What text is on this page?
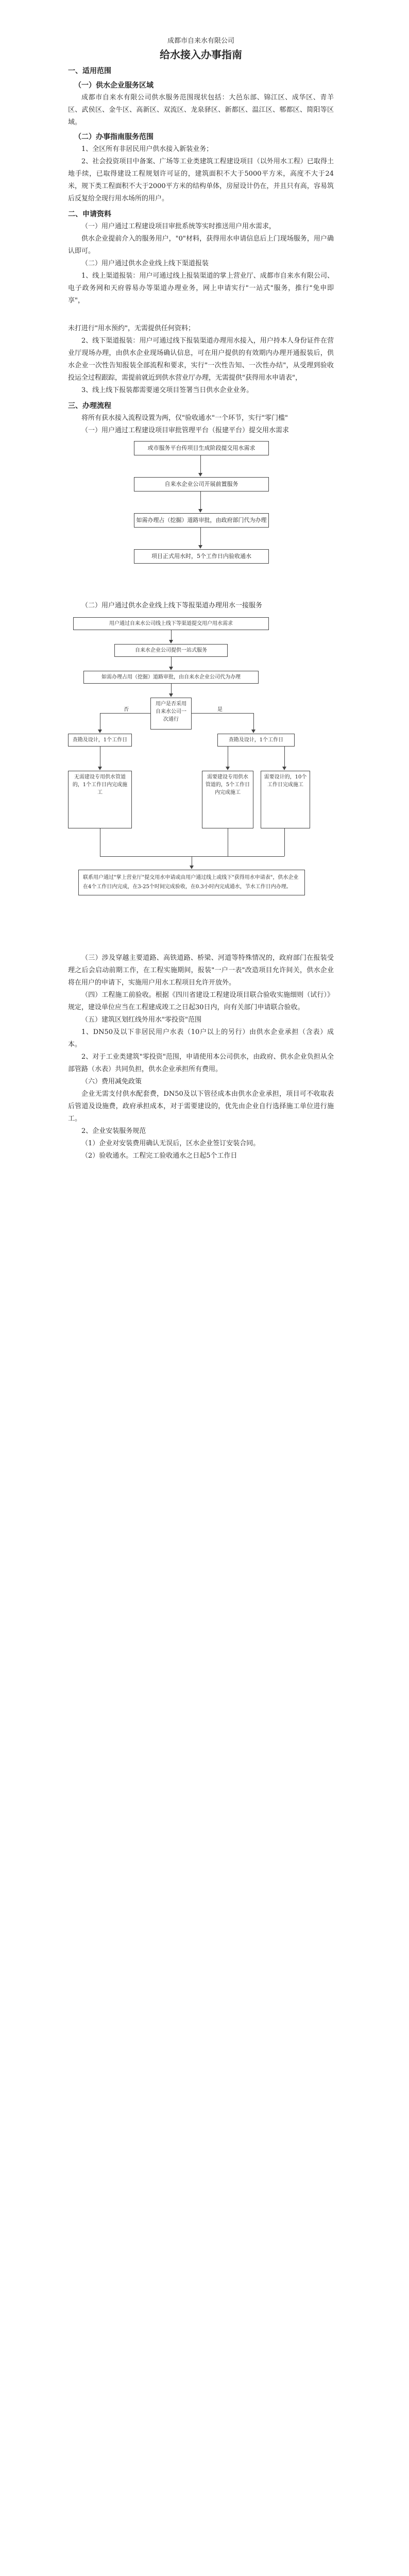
成都市自来水有限公司

给水接入办事指南

一、适用范围
（一）供水企业服务区域

成都市自来水有限公司供水服务范围现状包括：大邑东部、锦江区、成华区、青羊区、武侯区、金牛区、高新区、双流区、龙泉驿区、新都区、温江区、郫都区、简阳等区域。

（二）办事指南服务范围

1、全区所有非居民用户供水接入新装业务；

2、社会投资项目中备案、广场等工业类建筑工程建设项目（以外用水工程）已取得土地手续，已取得建设工程规划许可证的，建筑面积不大于5000平方米，高度不大于24米，规下类工程面积不大于2000平方米的结构单体，房屋设计仍在，并且只有高，容易筑后反复给全现行用水场所的用户。

二、申请资料

（一）用户通过工程建设项目审批系统等实时推送用户用水需求，

供水企业提前介入的服务用户，"0"材料，获得用水申请信息后上门现场服务，用户确认即可。

（二）用户通过供水企业线上线下渠道报装

1、线上渠道报装：用户可通过线上报装渠道的掌上营业厅、成都市自来水有限公司、电子政务网和天府蓉易办等渠道办理业务，网上申请实行"一站式"服务，推行"免申即享"，

未打进行"用水预约"，无需提供任何资料；

2、线下渠道报装：用户可通过线下报装渠道办理用水接入，用户持本人身份证件在营业厅现场办理，由供水企业现场确认信息，可在用户提供的有效期内办理开通报装后，供水企业一次性告知报装全部流程和要求，实行"一次性告知、一次性办结"，从受理到验收投运全过程跟踪，需提前就近到供水营业厅办理，无需提供"获得用水申请表"，

3、线上线下报装都需要递交项目签署当日供水企业业务。

三、办理流程

将所有获水接入流程设置为两，仅"验收通水"一个环节，实行"零门槛"

（一）用户通过工程建设项目审批管理平台（报建平台）提交用水需求

或市服务平台传项目生成阶段提交用水需求
自来水企业公司开展前置服务
如需办理占（挖掘）道路审批，由政府部门代为办理
项目正式用水时，5个工作日内验收通水

（二）用户通过供水企业线上线下等报渠道办理用水一接服务

用户通过自来水公司线上线下等渠道提交用户用水需求
自来水企业公司提供一站式服务
如需办理占用（挖掘）道路审批，由自来水企业公司代为办理
用户是否采用自来水公司一次通行
否	是
查勘及设计，1个工作日	查勘及设计，1个工作日
无需建设专用供水管道的，1个工作日内完成施工
需要建设专用供水管道的，5个工作日内完成施工
需要设计的，10个工作日完成施工
联系用户通过"掌上营业厅"提交用水申请或由用户通过线上或线下"获得用水申请表"，供水企业在4个工作日内完成，在3-25个时间完成验收，在0.3小时内完成通水，节水工作日内办理。

（三）涉及穿越主要道路、高铁道路、桥梁、河道等特殊情况的，政府部门在报装受理之后会启动前期工作，在工程实施期间，报装"一户一表"改造项目允许间关，供水企业将在用户的申请下，实施用户用水工程项目允许开放外。

（四）工程施工前验收。根据《四川省建设工程建设项目联合验收实施细则（试行）》规定，建设单位应当在工程建成竣工之日起30日内，向有关部门申请联合验收。

（五）建筑区划红线外用水"零投资"范围

1、DN50及以下非居民用户水表（10户以上的另行）由供水企业承担（含表）成本。

2、对于工业类建筑"零投资"范围，申请使用本公司供水，由政府、供水企业负担从全部管路（水表）共同负担，供水企业承担所有费用。

（六）费用减免政策

企业无需支付供水配套费，DN50及以下管径成本由供水企业承担，项目可不收取表后管道及设施费，政府承担成本，对于需要建设的，优先由企业自行选择施工单位进行施工。

2、企业安装服务规范

（1）企业对安装费用确认无误后，区水企业签订安装合同。

（2）验收通水。工程完工验收通水之日起5个工作日
